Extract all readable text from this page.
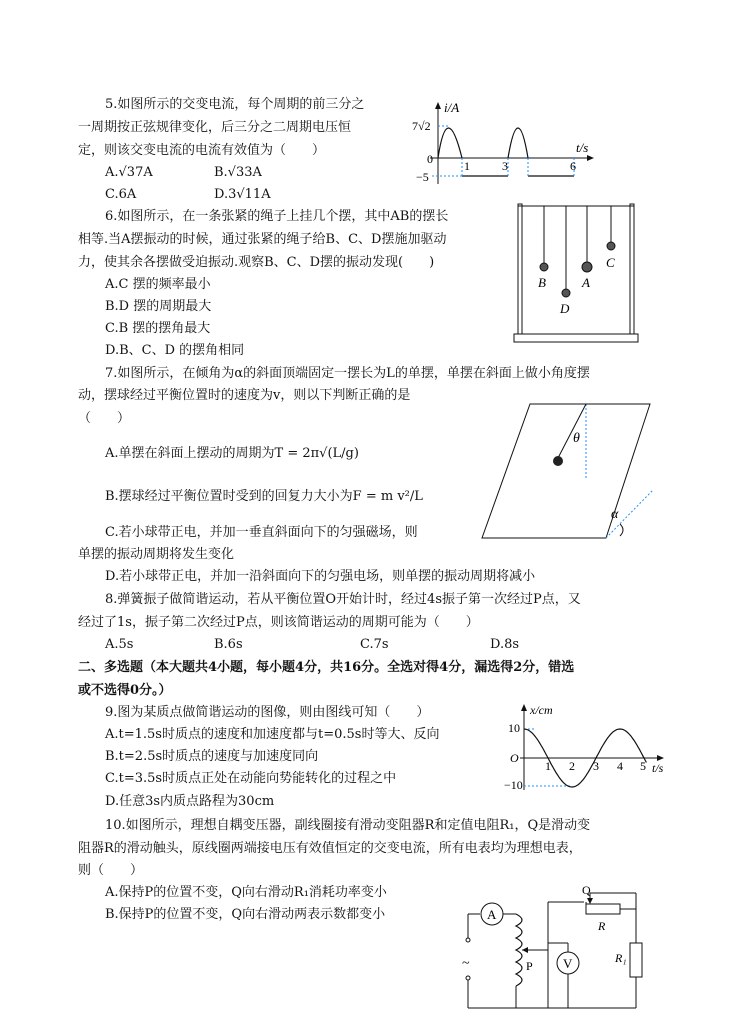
5.如图所示的交变电流，每个周期的前三分之
一周期按正弦规律变化，后三分之二周期电压恒
定，则该交变电流的电流有效值为（　　）
A.√37A	B.√33A
C.6A	D.3√11A
i/A
t/s
7√2
0
−5
1	3	6
6.如图所示，在一条张紧的绳子上挂几个摆，其中AB的摆长
相等.当A摆振动的时候，通过张紧的绳子给B、C、D摆施加驱动
力，使其余各摆做受迫振动.观察B、C、D摆的振动发现(　　)
A.C 摆的频率最小
B.D 摆的周期最大
C.B 摆的摆角最大
D.B、C、D 的摆角相同
B	A
C
D
7.如图所示，在倾角为α的斜面顶端固定一摆长为L的单摆，单摆在斜面上做小角度摆
动，摆球经过平衡位置时的速度为v，则以下判断正确的是
（　　）
A.单摆在斜面上摆动的周期为T = 2π√(L/g)
B.摆球经过平衡位置时受到的回复力大小为F = m v²/L
C.若小球带正电，并加一垂直斜面向下的匀强磁场，则
单摆的振动周期将发生变化
D.若小球带正电，并加一沿斜面向下的匀强电场，则单摆的振动周期将减小
θ
α
8.弹簧振子做简谐运动，若从平衡位置O开始计时，经过4s振子第一次经过P点，又
经过了1s，振子第二次经过P点，则该简谐运动的周期可能为（　　）
A.5s	B.6s	C.7s	D.8s
二、多选题（本大题共4小题，每小题4分，共16分。全选对得4分，漏选得2分，错选
或不选得0分。）
9.图为某质点做简谐运动的图像，则由图线可知（　　）
A.t=1.5s时质点的速度和加速度都与t=0.5s时等大、反向
B.t=2.5s时质点的速度与加速度同向
C.t=3.5s时质点正处在动能向势能转化的过程之中
D.任意3s内质点路程为30cm
x/cm
t/s
10
−10
O
1 2 3 4 5
10.如图所示，理想自耦变压器，副线圈接有滑动变阻器R和定值电阻R₁，Q是滑动变
阻器R的滑动触头，原线圈两端接电压有效值恒定的交变电流，所有电表均为理想电表，
则（　　）
A.保持P的位置不变，Q向右滑动R₁消耗功率变小
B.保持P的位置不变，Q向右滑动两表示数都变小	A
~	P
Q
R
R₁
V
